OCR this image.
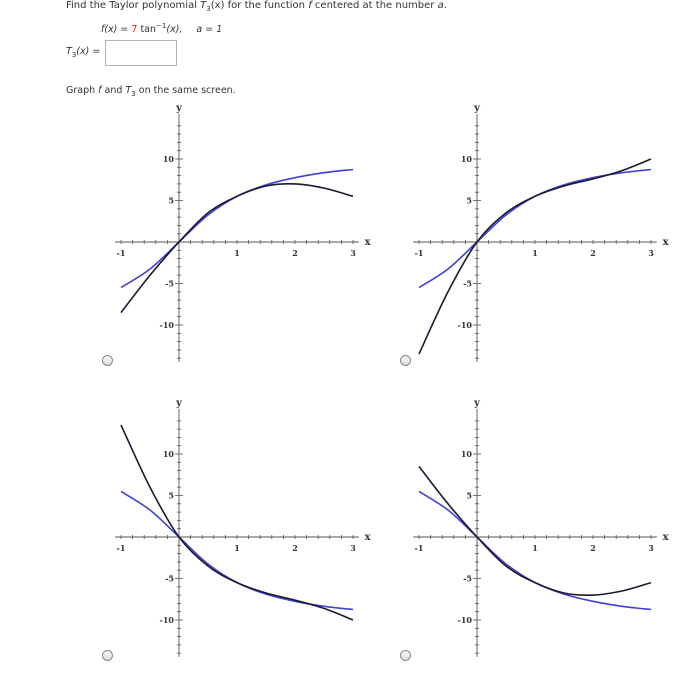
Find the Taylor polynomial $T_3(x)$ for the function f centered at the number a.
f(x) = 7 $\tan^{-1}(x)$, a = 1
$T_3(x)$ =
Graph f and $T_3$ on the same screen.
-1	1	2	3
10
5
-5
-10
x
y
-1	1	2	3
10
5
-5
-10
x
y
-1	1	2	3
10
5
-5
-10
x
y
-1	1	2	3
10
5
-5
-10
x
y
